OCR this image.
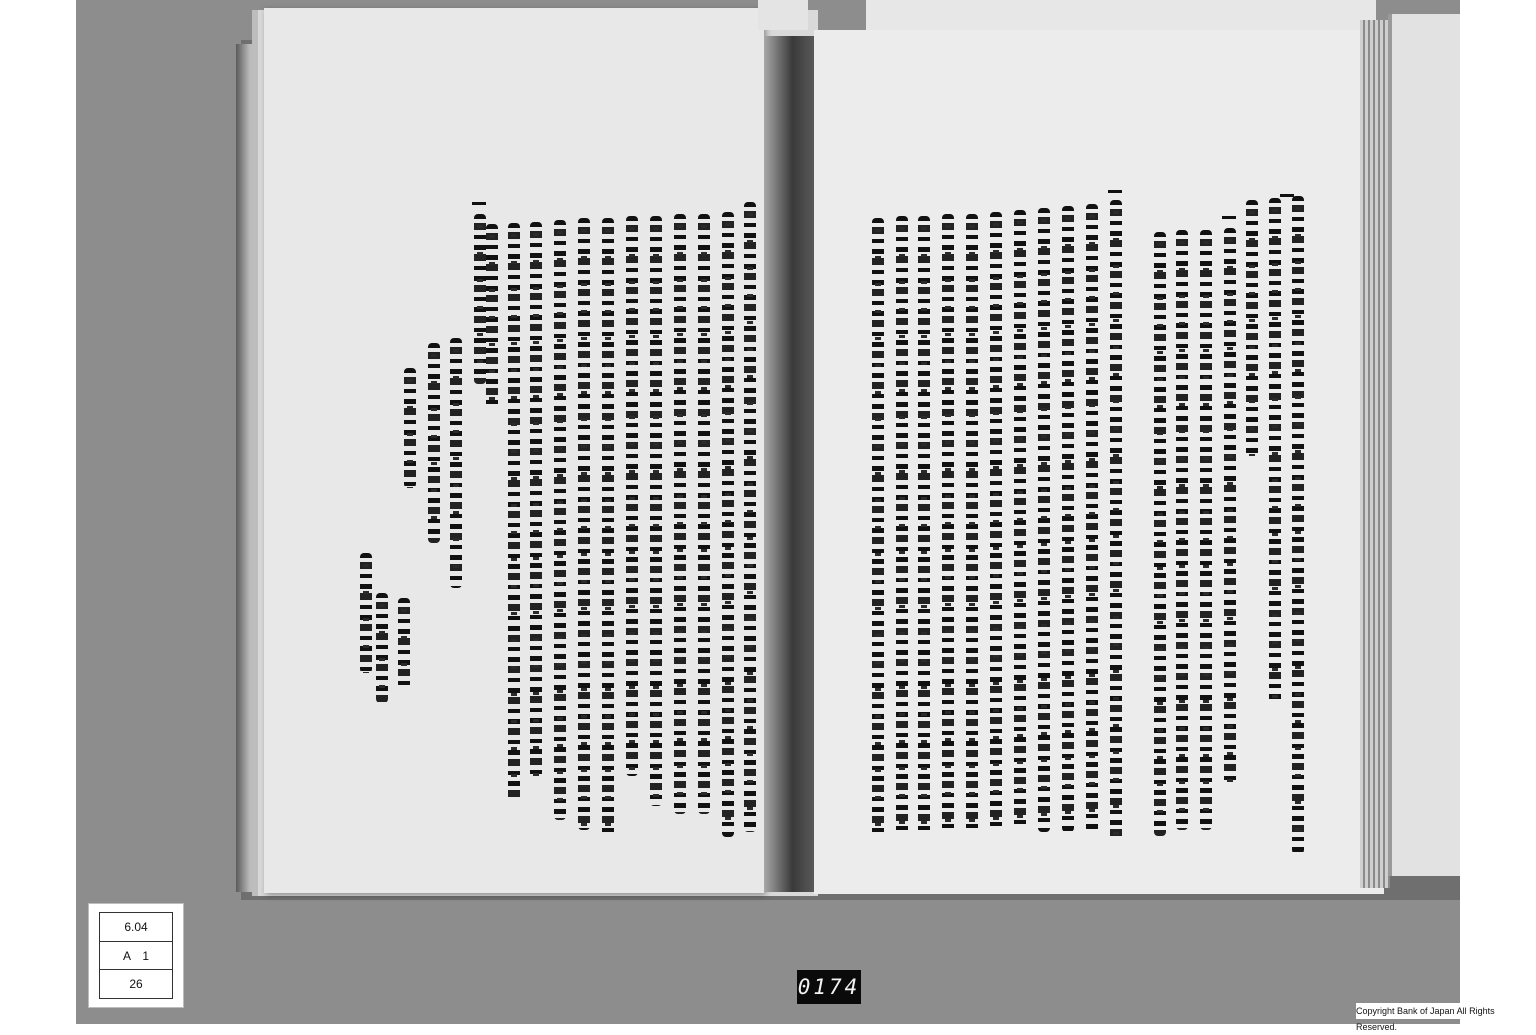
6.04
A　1
26	0174
Copyright Bank of Japan All Rights Reserved.
